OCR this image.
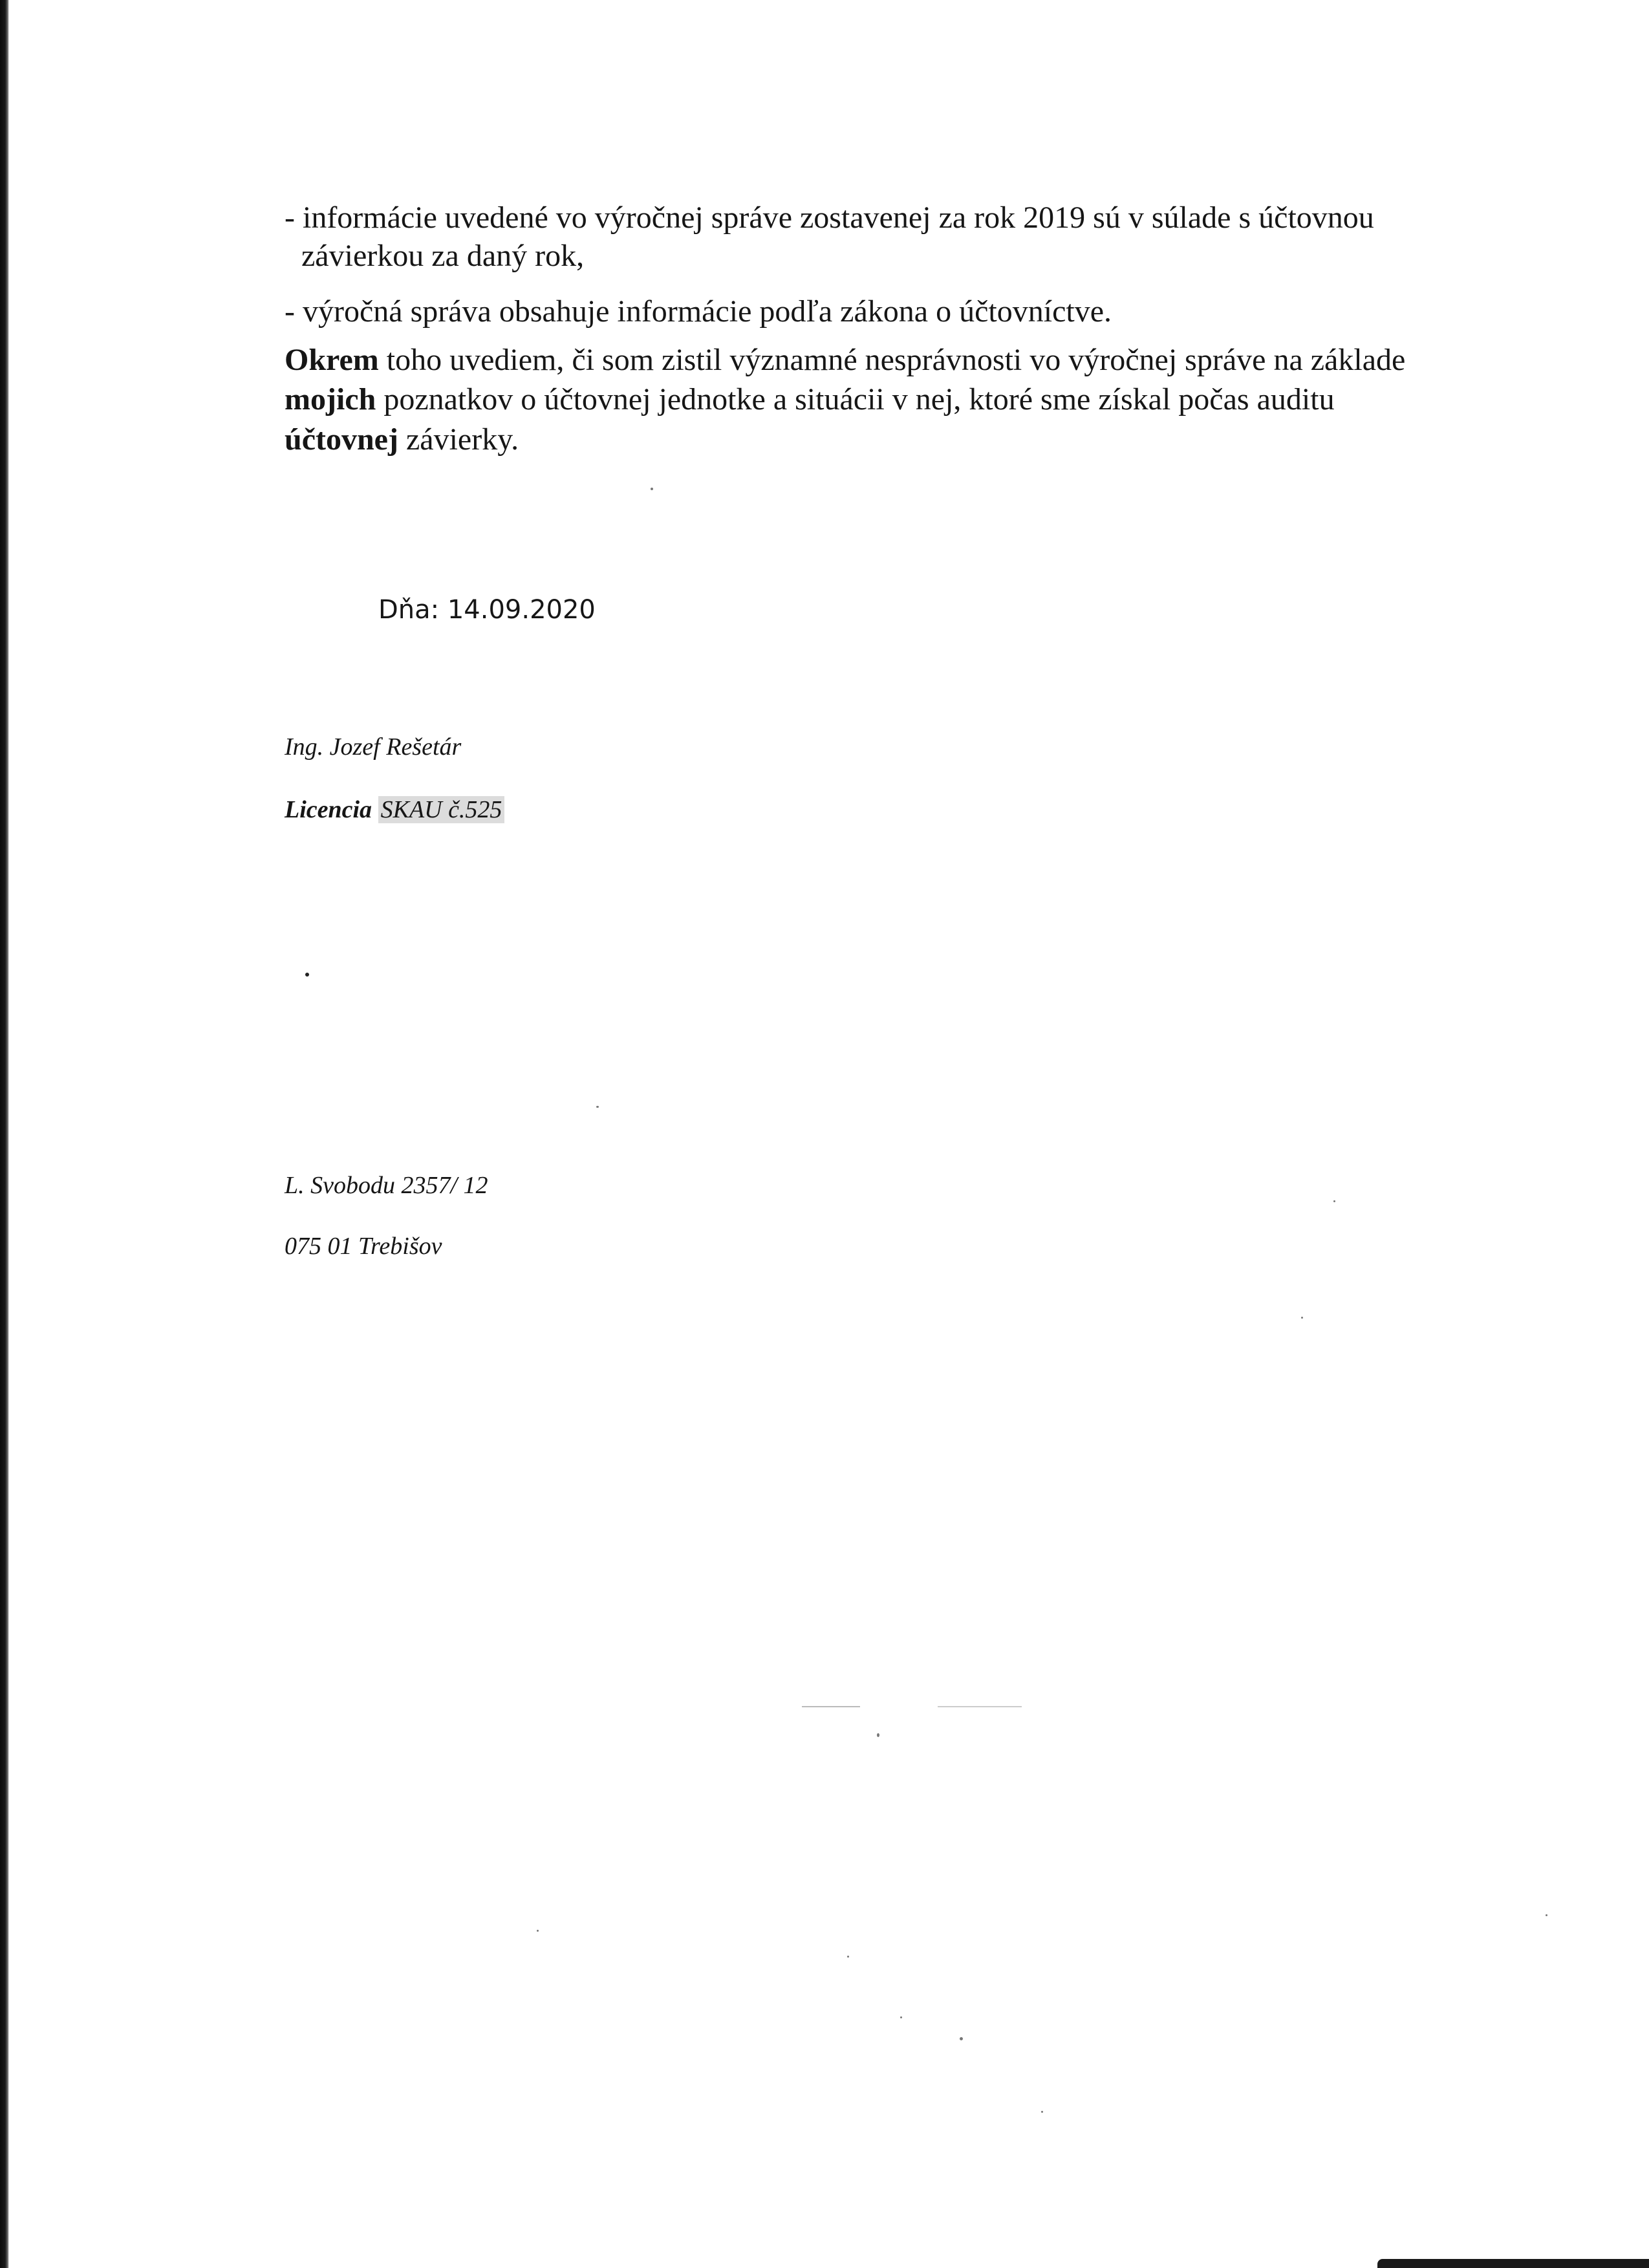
- informácie uvedené vo výročnej správe zostavenej za rok 2019 sú v súlade s účtovnou
závierkou za daný rok,
- výročná správa obsahuje informácie podľa zákona o účtovníctve.
Okrem toho uvediem, či som zistil významné nesprávnosti vo výročnej správe na základe
mojich poznatkov o účtovnej jednotke a situácii v nej, ktoré sme získal počas auditu
účtovnej závierky.
Dňa: 14.09.2020
Ing. Jozef Rešetár
Licencia SKAU č.525
L. Svobodu 2357/ 12
075 01 Trebišov
